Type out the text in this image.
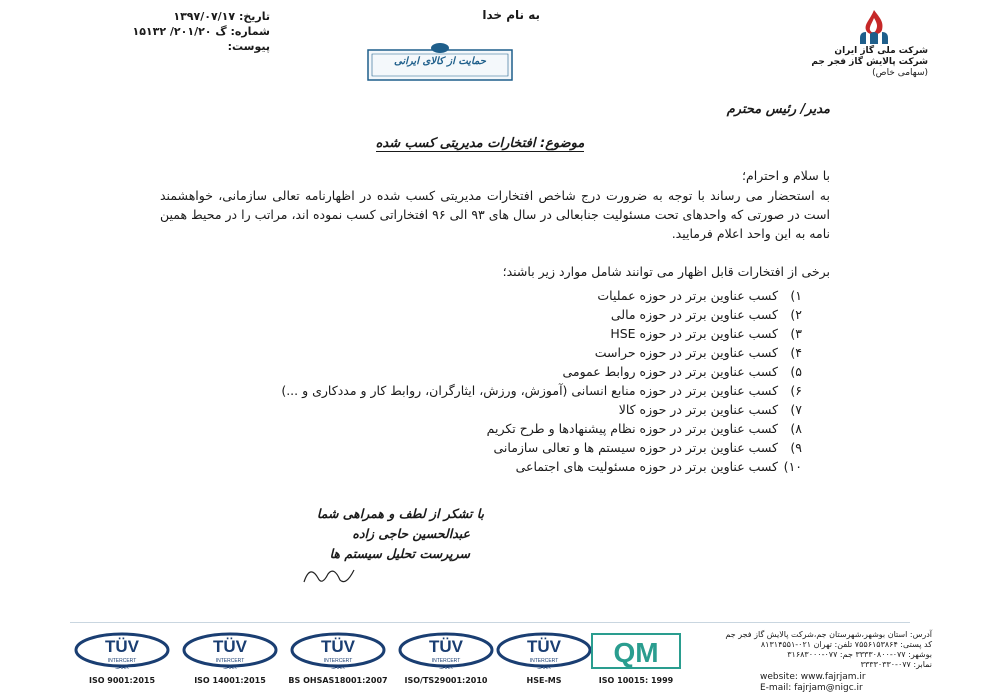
به نام خدا
تاریخ: ۱۳۹۷/۰۷/۱۷
شماره: گ ۲۰۱/۲۰/ ۱۵۱۳۲
پیوست:
حمایت از کالای ایرانی
شرکت ملی گاز ایران
شرکت پالایش گاز فجر جم
(سهامی خاص)
مدیر/ رئیس محترم
موضوع: افتخارات مدیریتی کسب شده
با سلام و احترام؛
به استحضار می رساند با توجه به ضرورت درج شاخص افتخارات مدیریتی کسب شده در اظهارنامه تعالی سازمانی، خواهشمند است در صورتی که واحدهای تحت مسئولیت جنابعالی در سال های ۹۳ الی ۹۶ افتخاراتی کسب نموده اند، مراتب را در محیط همین نامه به این واحد اعلام فرمایید.
برخی از افتخارات قابل اظهار می توانند شامل موارد زیر باشند؛
۱) کسب عناوین برتر در حوزه عملیات
۲) کسب عناوین برتر در حوزه مالی
۳) کسب عناوین برتر در حوزه HSE
۴) کسب عناوین برتر در حوزه حراست
۵) کسب عناوین برتر در حوزه روابط عمومی
۶) کسب عناوین برتر در حوزه منابع انسانی (آموزش، ورزش، ایثارگران، روابط کار و مددکاری و ...)
۷) کسب عناوین برتر در حوزه کالا
۸) کسب عناوین برتر در حوزه نظام پیشنهادها و طرح تکریم
۹) کسب عناوین برتر در حوزه سیستم ها و تعالی سازمانی
۱۰) کسب عناوین برتر در حوزه مسئولیت های اجتماعی
با تشکر از لطف و همراهی شما
عبدالحسین حاجی زاده
سرپرست تحلیل سیستم ها
TÜV
INTERCERT
SAAR
ISO 9001:2015
TÜV
INTERCERT
SAAR
ISO 14001:2015
TÜV
INTERCERT
SAAR
BS OHSAS18001:2007
TÜV
INTERCERT
SAAR
ISO/TS29001:2010
TÜV
INTERCERT
SAAR
HSE-MS
QM
ISO 10015: 1999
آدرس: استان بوشهر،شهرستان جم،شرکت پالایش گاز فجر جم
کد پستی: ۷۵۵۶۱۵۳۸۶۴ تلفن: تهران ۰۲۱-۸۱۳۱۴۵۵۱
بوشهر: ۰۷۷-۳۳۳۳۰۸۰۰ جم: ۰۷۷-۳۱۶۸۳۰۰۰
نمابر: ۰۷۷-۳۳۳۳۰۳۳۰
website: www.fajrjam.ir
E-mail: fajrjam@nigc.ir
